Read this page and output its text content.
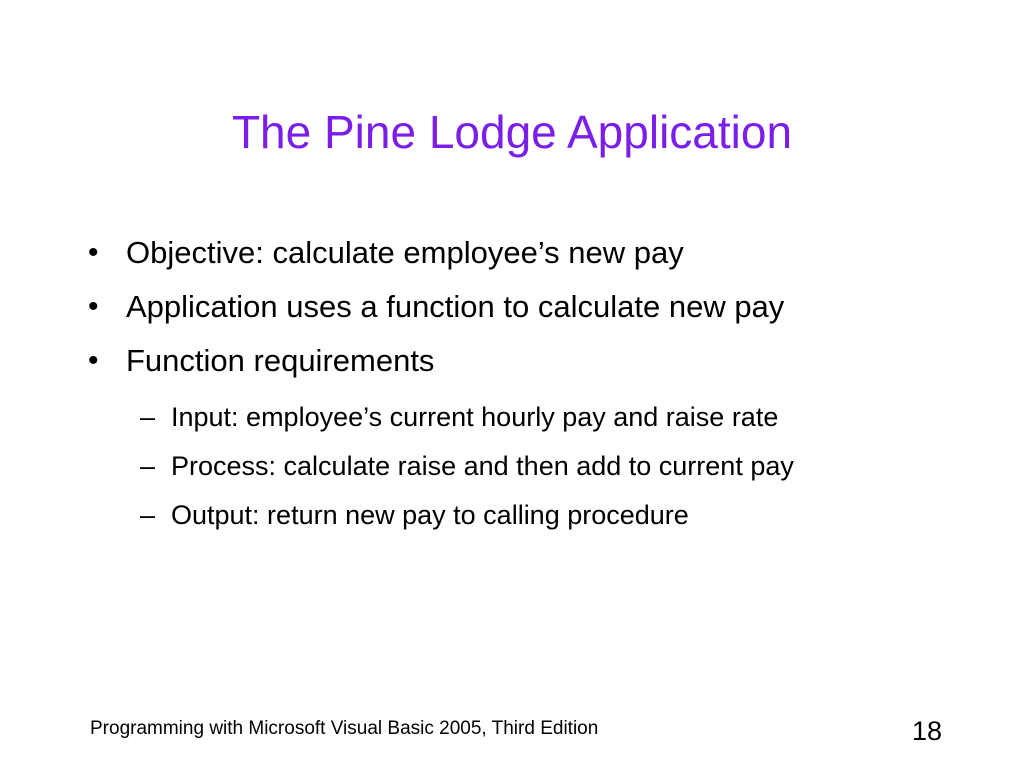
The Pine Lodge Application
• Objective: calculate employee’s new pay
• Application uses a function to calculate new pay
• Function requirements
– Input: employee’s current hourly pay and raise rate
– Process: calculate raise and then add to current pay
– Output: return new pay to calling procedure
Programming with Microsoft Visual Basic 2005, Third Edition	18
